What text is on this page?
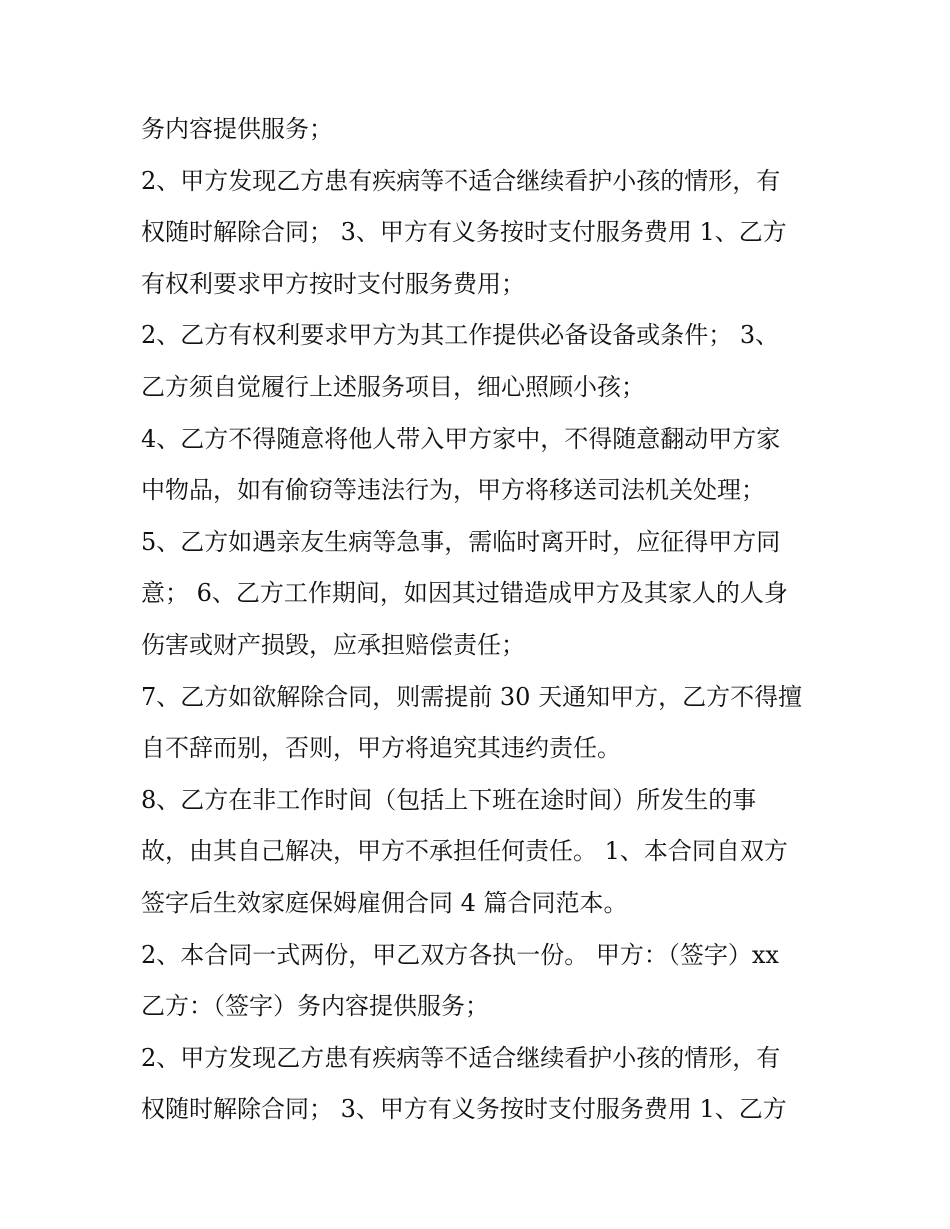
务内容提供服务；
2、甲方发现乙方患有疾病等不适合继续看护小孩的情形，有
权随时解除合同； 3、甲方有义务按时支付服务费用 1、乙方
有权利要求甲方按时支付服务费用；
2、乙方有权利要求甲方为其工作提供必备设备或条件； 3、
乙方须自觉履行上述服务项目，细心照顾小孩；
4、乙方不得随意将他人带入甲方家中，不得随意翻动甲方家
中物品，如有偷窃等违法行为，甲方将移送司法机关处理；
5、乙方如遇亲友生病等急事，需临时离开时，应征得甲方同
意； 6、乙方工作期间，如因其过错造成甲方及其家人的人身
伤害或财产损毁，应承担赔偿责任；
7、乙方如欲解除合同，则需提前 30 天通知甲方，乙方不得擅
自不辞而别，否则，甲方将追究其违约责任。
8、乙方在非工作时间（包括上下班在途时间）所发生的事
故，由其自己解决，甲方不承担任何责任。 1、本合同自双方
签字后生效家庭保姆雇佣合同 4 篇合同范本。
2、本合同一式两份，甲乙双方各执一份。 甲方：（签字）xx
乙方：（签字）务内容提供服务；
2、甲方发现乙方患有疾病等不适合继续看护小孩的情形，有
权随时解除合同； 3、甲方有义务按时支付服务费用 1、乙方
